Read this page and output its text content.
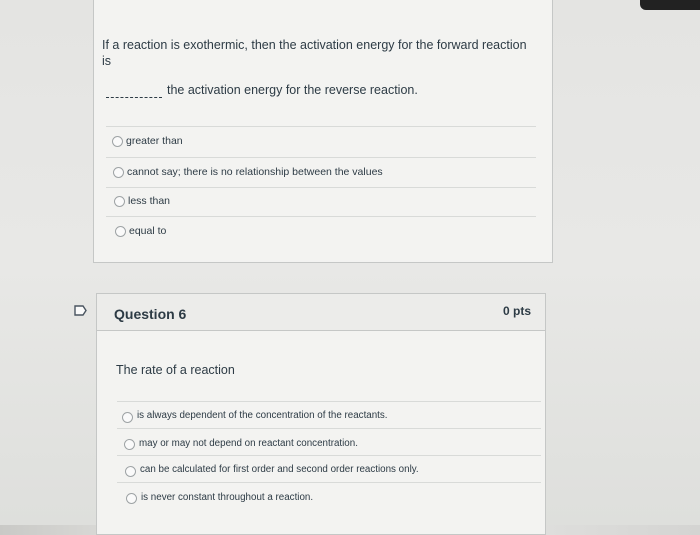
If a reaction is exothermic, then the activation energy for the forward reaction
is
the activation energy for the reverse reaction.
greater than
cannot say; there is no relationship between the values
less than
equal to
Question 6	0 pts
The rate of a reaction
is always dependent of the concentration of the reactants.
may or may not depend on reactant concentration.
can be calculated for first order and second order reactions only.
is never constant throughout a reaction.
